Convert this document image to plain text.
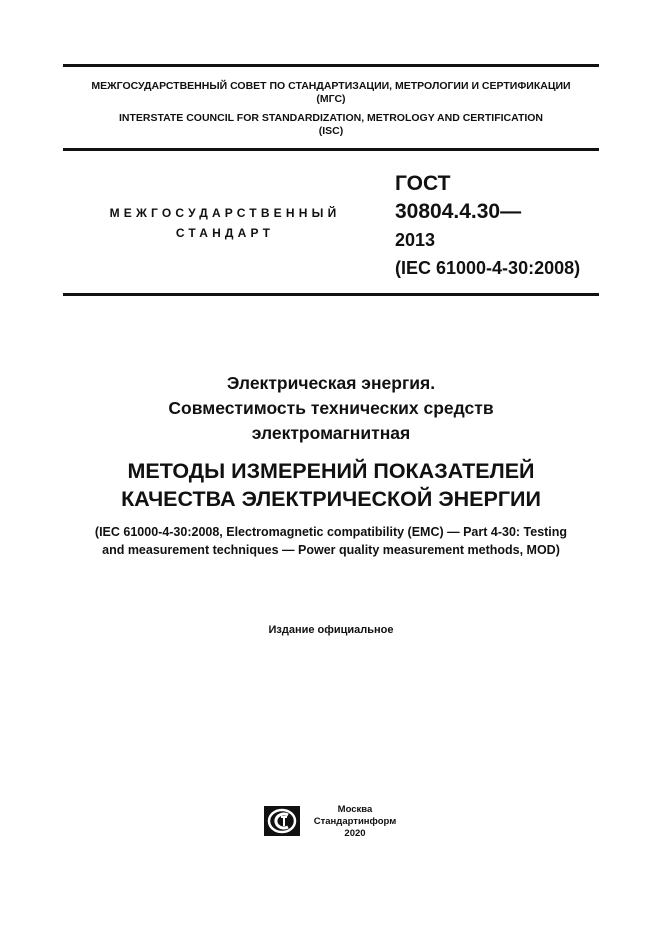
МЕЖГОСУДАРСТВЕННЫЙ СОВЕТ ПО СТАНДАРТИЗАЦИИ, МЕТРОЛОГИИ И СЕРТИФИКАЦИИ
(МГС)
INTERSTATE COUNCIL FOR STANDARDIZATION, METROLOGY AND CERTIFICATION
(ISC)
МЕЖГОСУДАРСТВЕННЫЙ
СТАНДАРТ
ГОСТ
30804.4.30—
2013
(IEC 61000-4-30:2008)
Электрическая энергия.
Совместимость технических средств
электромагнитная
МЕТОДЫ ИЗМЕРЕНИЙ ПОКАЗАТЕЛЕЙ
КАЧЕСТВА ЭЛЕКТРИЧЕСКОЙ ЭНЕРГИИ
(IEC 61000-4-30:2008, Electromagnetic compatibility (EMC) — Part 4-30: Testing
and measurement techniques — Power quality measurement methods, MOD)
Издание официальное
Москва
Стандартинформ
2020
